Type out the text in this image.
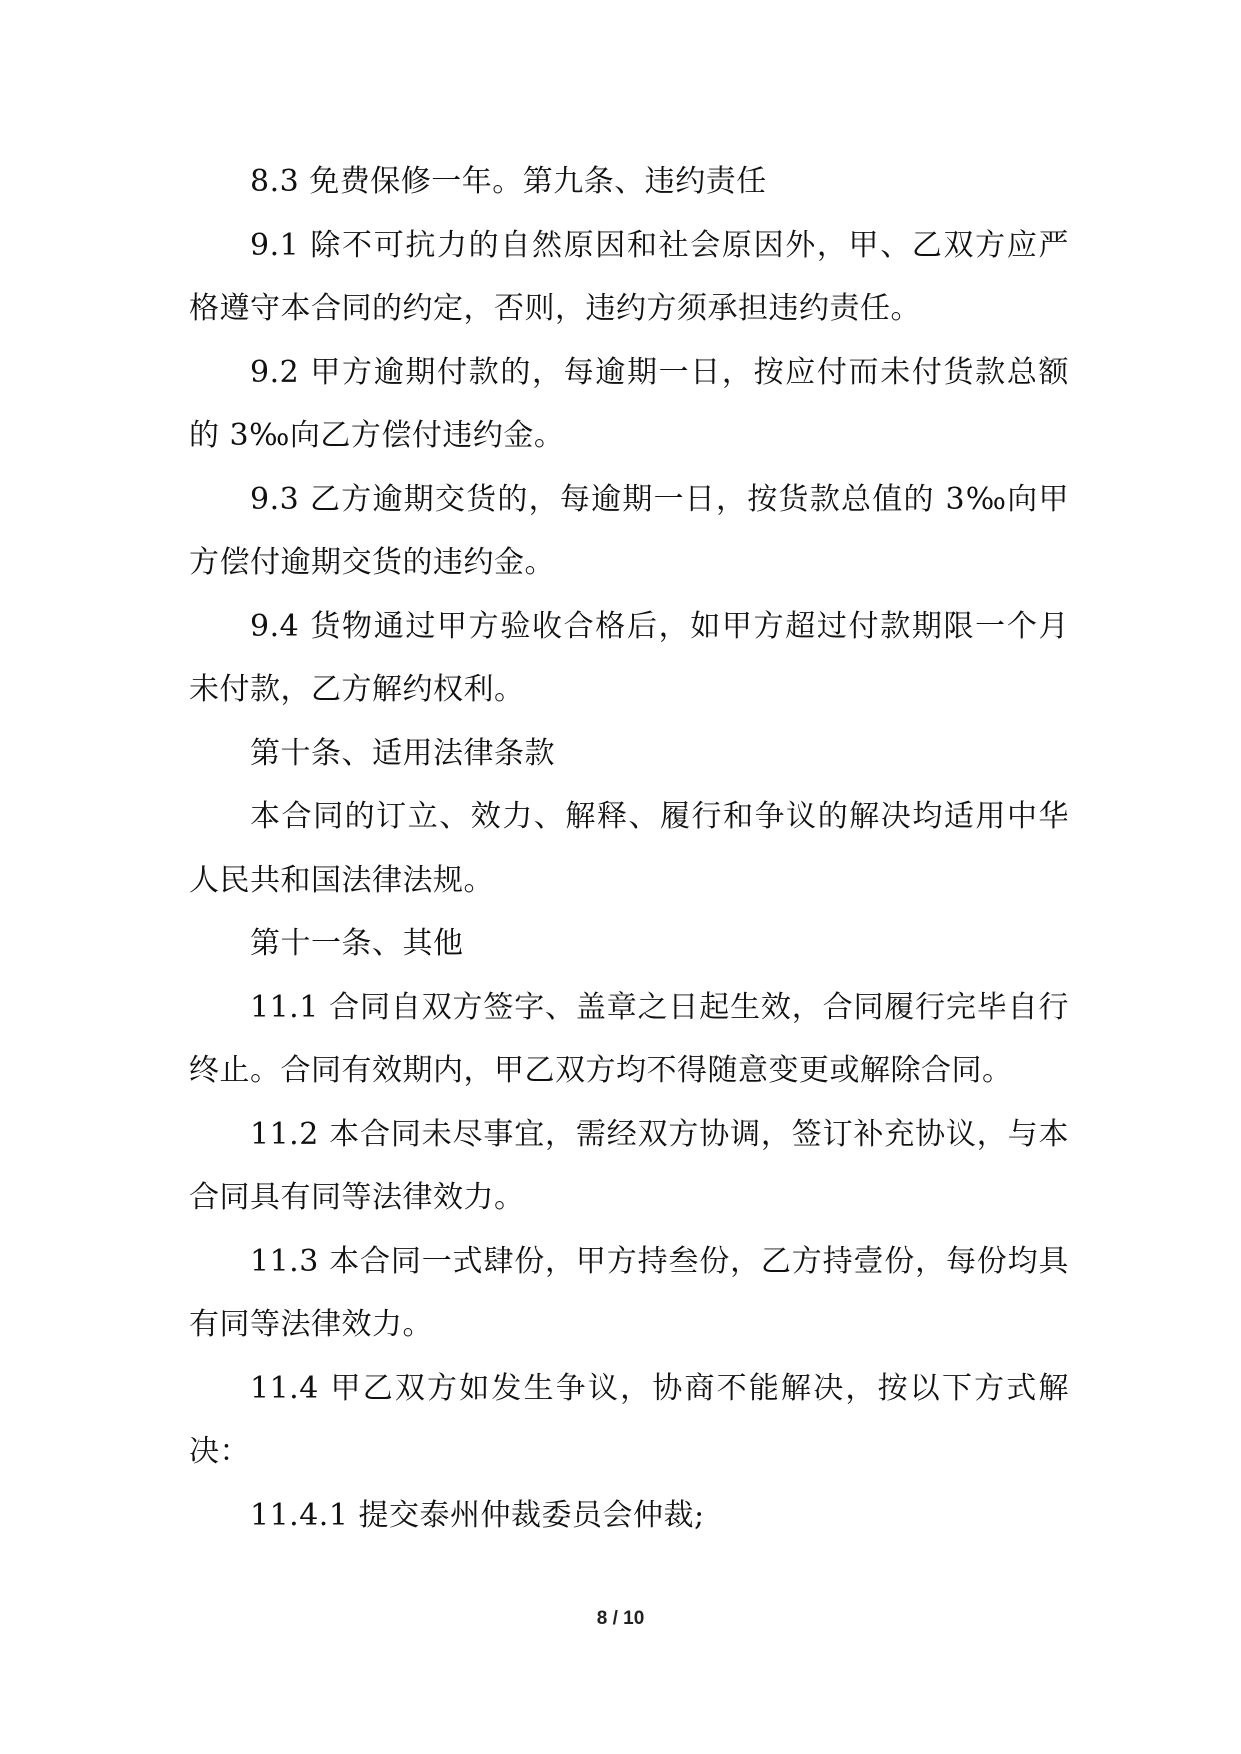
8.3 免费保修一年。第九条、违约责任

9.1 除不可抗力的自然原因和社会原因外，甲、乙双方应严格遵守本合同的约定，否则，违约方须承担违约责任。

9.2 甲方逾期付款的，每逾期一日，按应付而未付货款总额的 3‰向乙方偿付违约金。

9.3 乙方逾期交货的，每逾期一日，按货款总值的 3‰向甲方偿付逾期交货的违约金。

9.4 货物通过甲方验收合格后，如甲方超过付款期限一个月未付款，乙方解约权利。

第十条、适用法律条款

本合同的订立、效力、解释、履行和争议的解决均适用中华人民共和国法律法规。

第十一条、其他

11.1 合同自双方签字、盖章之日起生效，合同履行完毕自行终止。合同有效期内，甲乙双方均不得随意变更或解除合同。

11.2 本合同未尽事宜，需经双方协调，签订补充协议，与本合同具有同等法律效力。

11.3 本合同一式肆份，甲方持叁份，乙方持壹份，每份均具有同等法律效力。

11.4 甲乙双方如发生争议，协商不能解决，按以下方式解决：

11.4.1 提交泰州仲裁委员会仲裁;

8 / 10
